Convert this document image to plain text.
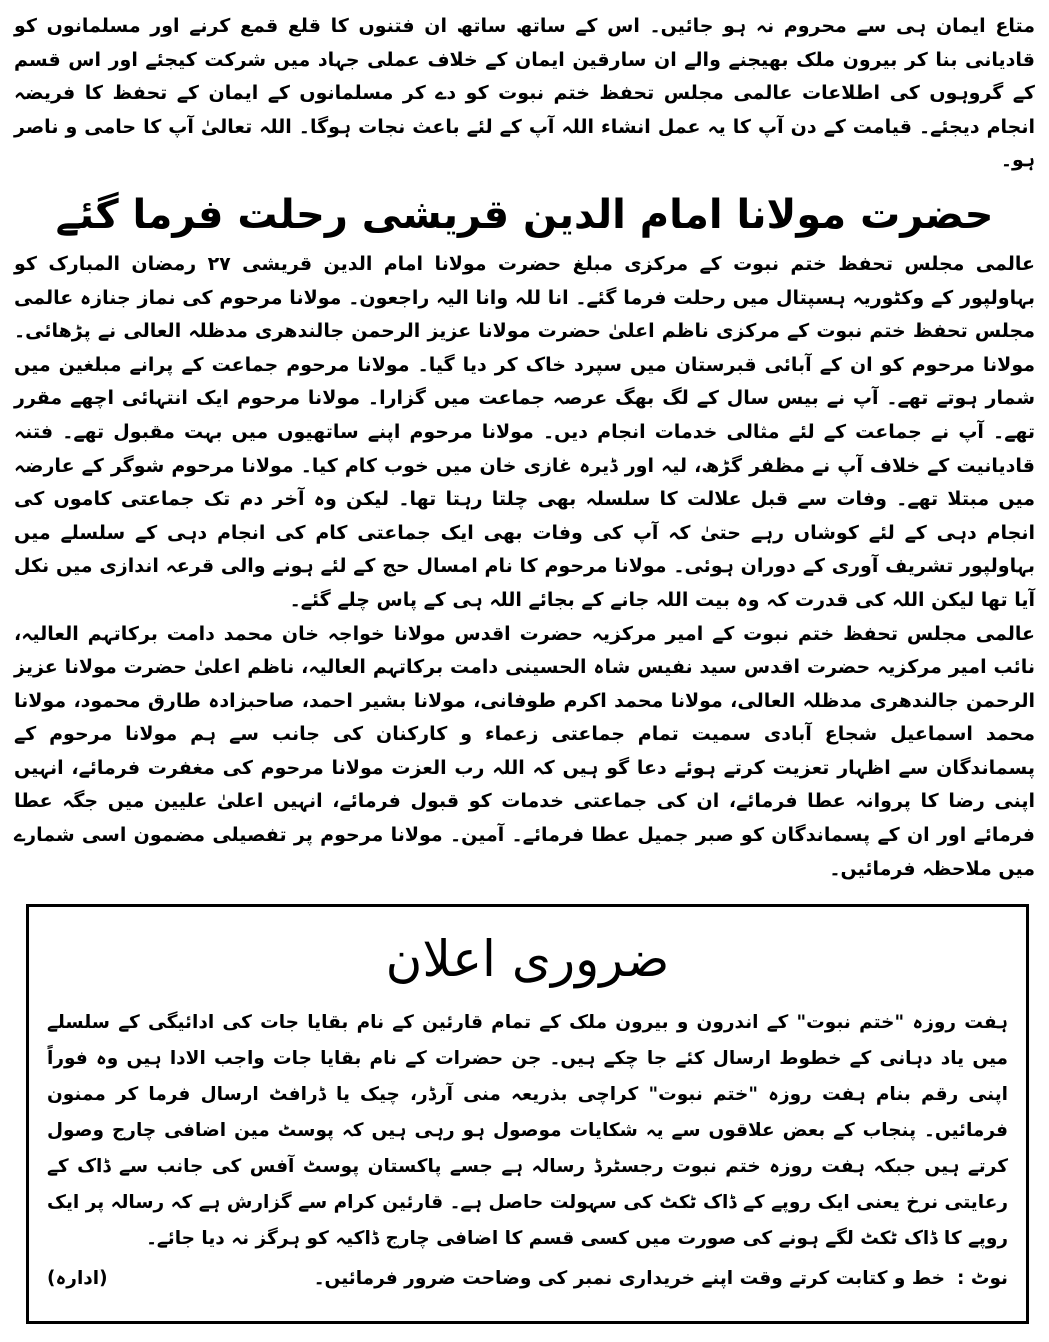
متاع ایمان ہی سے محروم نہ ہو جائیں۔ اس کے ساتھ ساتھ ان فتنوں کا قلع قمع کرنے اور مسلمانوں کو قادیانی بنا کر بیرون ملک بھیجنے والے ان سارقین ایمان کے خلاف عملی جہاد میں شرکت کیجئے اور اس قسم کے گروہوں کی اطلاعات عالمی مجلس تحفظ ختم نبوت کو دے کر مسلمانوں کے ایمان کے تحفظ کا فریضہ انجام دیجئے۔ قیامت کے دن آپ کا یہ عمل انشاء اللہ آپ کے لئے باعث نجات ہوگا۔ اللہ تعالیٰ آپ کا حامی و ناصر ہو۔

حضرت مولانا امام الدین قریشی رحلت فرما گئے

عالمی مجلس تحفظ ختم نبوت کے مرکزی مبلغ حضرت مولانا امام الدین قریشی ۲۷ رمضان المبارک کو بہاولپور کے وکٹوریہ ہسپتال میں رحلت فرما گئے۔ انا للہ وانا الیہ راجعون۔ مولانا مرحوم کی نماز جنازہ عالمی مجلس تحفظ ختم نبوت کے مرکزی ناظم اعلیٰ حضرت مولانا عزیز الرحمن جالندھری مدظلہ العالی نے پڑھائی۔ مولانا مرحوم کو ان کے آبائی قبرستان میں سپرد خاک کر دیا گیا۔ مولانا مرحوم جماعت کے پرانے مبلغین میں شمار ہوتے تھے۔ آپ نے بیس سال کے لگ بھگ عرصہ جماعت میں گزارا۔ مولانا مرحوم ایک انتہائی اچھے مقرر تھے۔ آپ نے جماعت کے لئے مثالی خدمات انجام دیں۔ مولانا مرحوم اپنے ساتھیوں میں بہت مقبول تھے۔ فتنہ قادیانیت کے خلاف آپ نے مظفر گڑھ، لیہ اور ڈیرہ غازی خان میں خوب کام کیا۔ مولانا مرحوم شوگر کے عارضہ میں مبتلا تھے۔ وفات سے قبل علالت کا سلسلہ بھی چلتا رہتا تھا۔ لیکن وہ آخر دم تک جماعتی کاموں کی انجام دہی کے لئے کوشاں رہے حتیٰ کہ آپ کی وفات بھی ایک جماعتی کام کی انجام دہی کے سلسلے میں بہاولپور تشریف آوری کے دوران ہوئی۔ مولانا مرحوم کا نام امسال حج کے لئے ہونے والی قرعہ اندازی میں نکل آیا تھا لیکن اللہ کی قدرت کہ وہ بیت اللہ جانے کے بجائے اللہ ہی کے پاس چلے گئے۔

عالمی مجلس تحفظ ختم نبوت کے امیر مرکزیہ حضرت اقدس مولانا خواجہ خان محمد دامت برکاتہم العالیہ، نائب امیر مرکزیہ حضرت اقدس سید نفیس شاہ الحسینی دامت برکاتہم العالیہ، ناظم اعلیٰ حضرت مولانا عزیز الرحمن جالندھری مدظلہ العالی، مولانا محمد اکرم طوفانی، مولانا بشیر احمد، صاحبزادہ طارق محمود، مولانا محمد اسماعیل شجاع آبادی سمیت تمام جماعتی زعماء و کارکنان کی جانب سے ہم مولانا مرحوم کے پسماندگان سے اظہار تعزیت کرتے ہوئے دعا گو ہیں کہ اللہ رب العزت مولانا مرحوم کی مغفرت فرمائے، انہیں اپنی رضا کا پروانہ عطا فرمائے، ان کی جماعتی خدمات کو قبول فرمائے، انہیں اعلیٰ علیین میں جگہ عطا فرمائے اور ان کے پسماندگان کو صبر جمیل عطا فرمائے۔ آمین۔ مولانا مرحوم پر تفصیلی مضمون اسی شمارے میں ملاحظہ فرمائیں۔

ضروری اعلان

ہفت روزہ "ختم نبوت" کے اندرون و بیرون ملک کے تمام قارئین کے نام بقایا جات کی ادائیگی کے سلسلے میں یاد دہانی کے خطوط ارسال کئے جا چکے ہیں۔ جن حضرات کے نام بقایا جات واجب الادا ہیں وہ فوراً اپنی رقم بنام ہفت روزہ "ختم نبوت" کراچی بذریعہ منی آرڈر، چیک یا ڈرافٹ ارسال فرما کر ممنون فرمائیں۔ پنجاب کے بعض علاقوں سے یہ شکایات موصول ہو رہی ہیں کہ پوسٹ مین اضافی چارج وصول کرتے ہیں جبکہ ہفت روزہ ختم نبوت رجسٹرڈ رسالہ ہے جسے پاکستان پوسٹ آفس کی جانب سے ڈاک کے رعایتی نرخ یعنی ایک روپے کے ڈاک ٹکٹ کی سہولت حاصل ہے۔ قارئین کرام سے گزارش ہے کہ رسالہ پر ایک روپے کا ڈاک ٹکٹ لگے ہونے کی صورت میں کسی قسم کا اضافی چارج ڈاکیہ کو ہرگز نہ دیا جائے۔

نوٹ :
خط و کتابت کرتے وقت اپنے خریداری نمبر کی وضاحت ضرور فرمائیں۔
(ادارہ)
